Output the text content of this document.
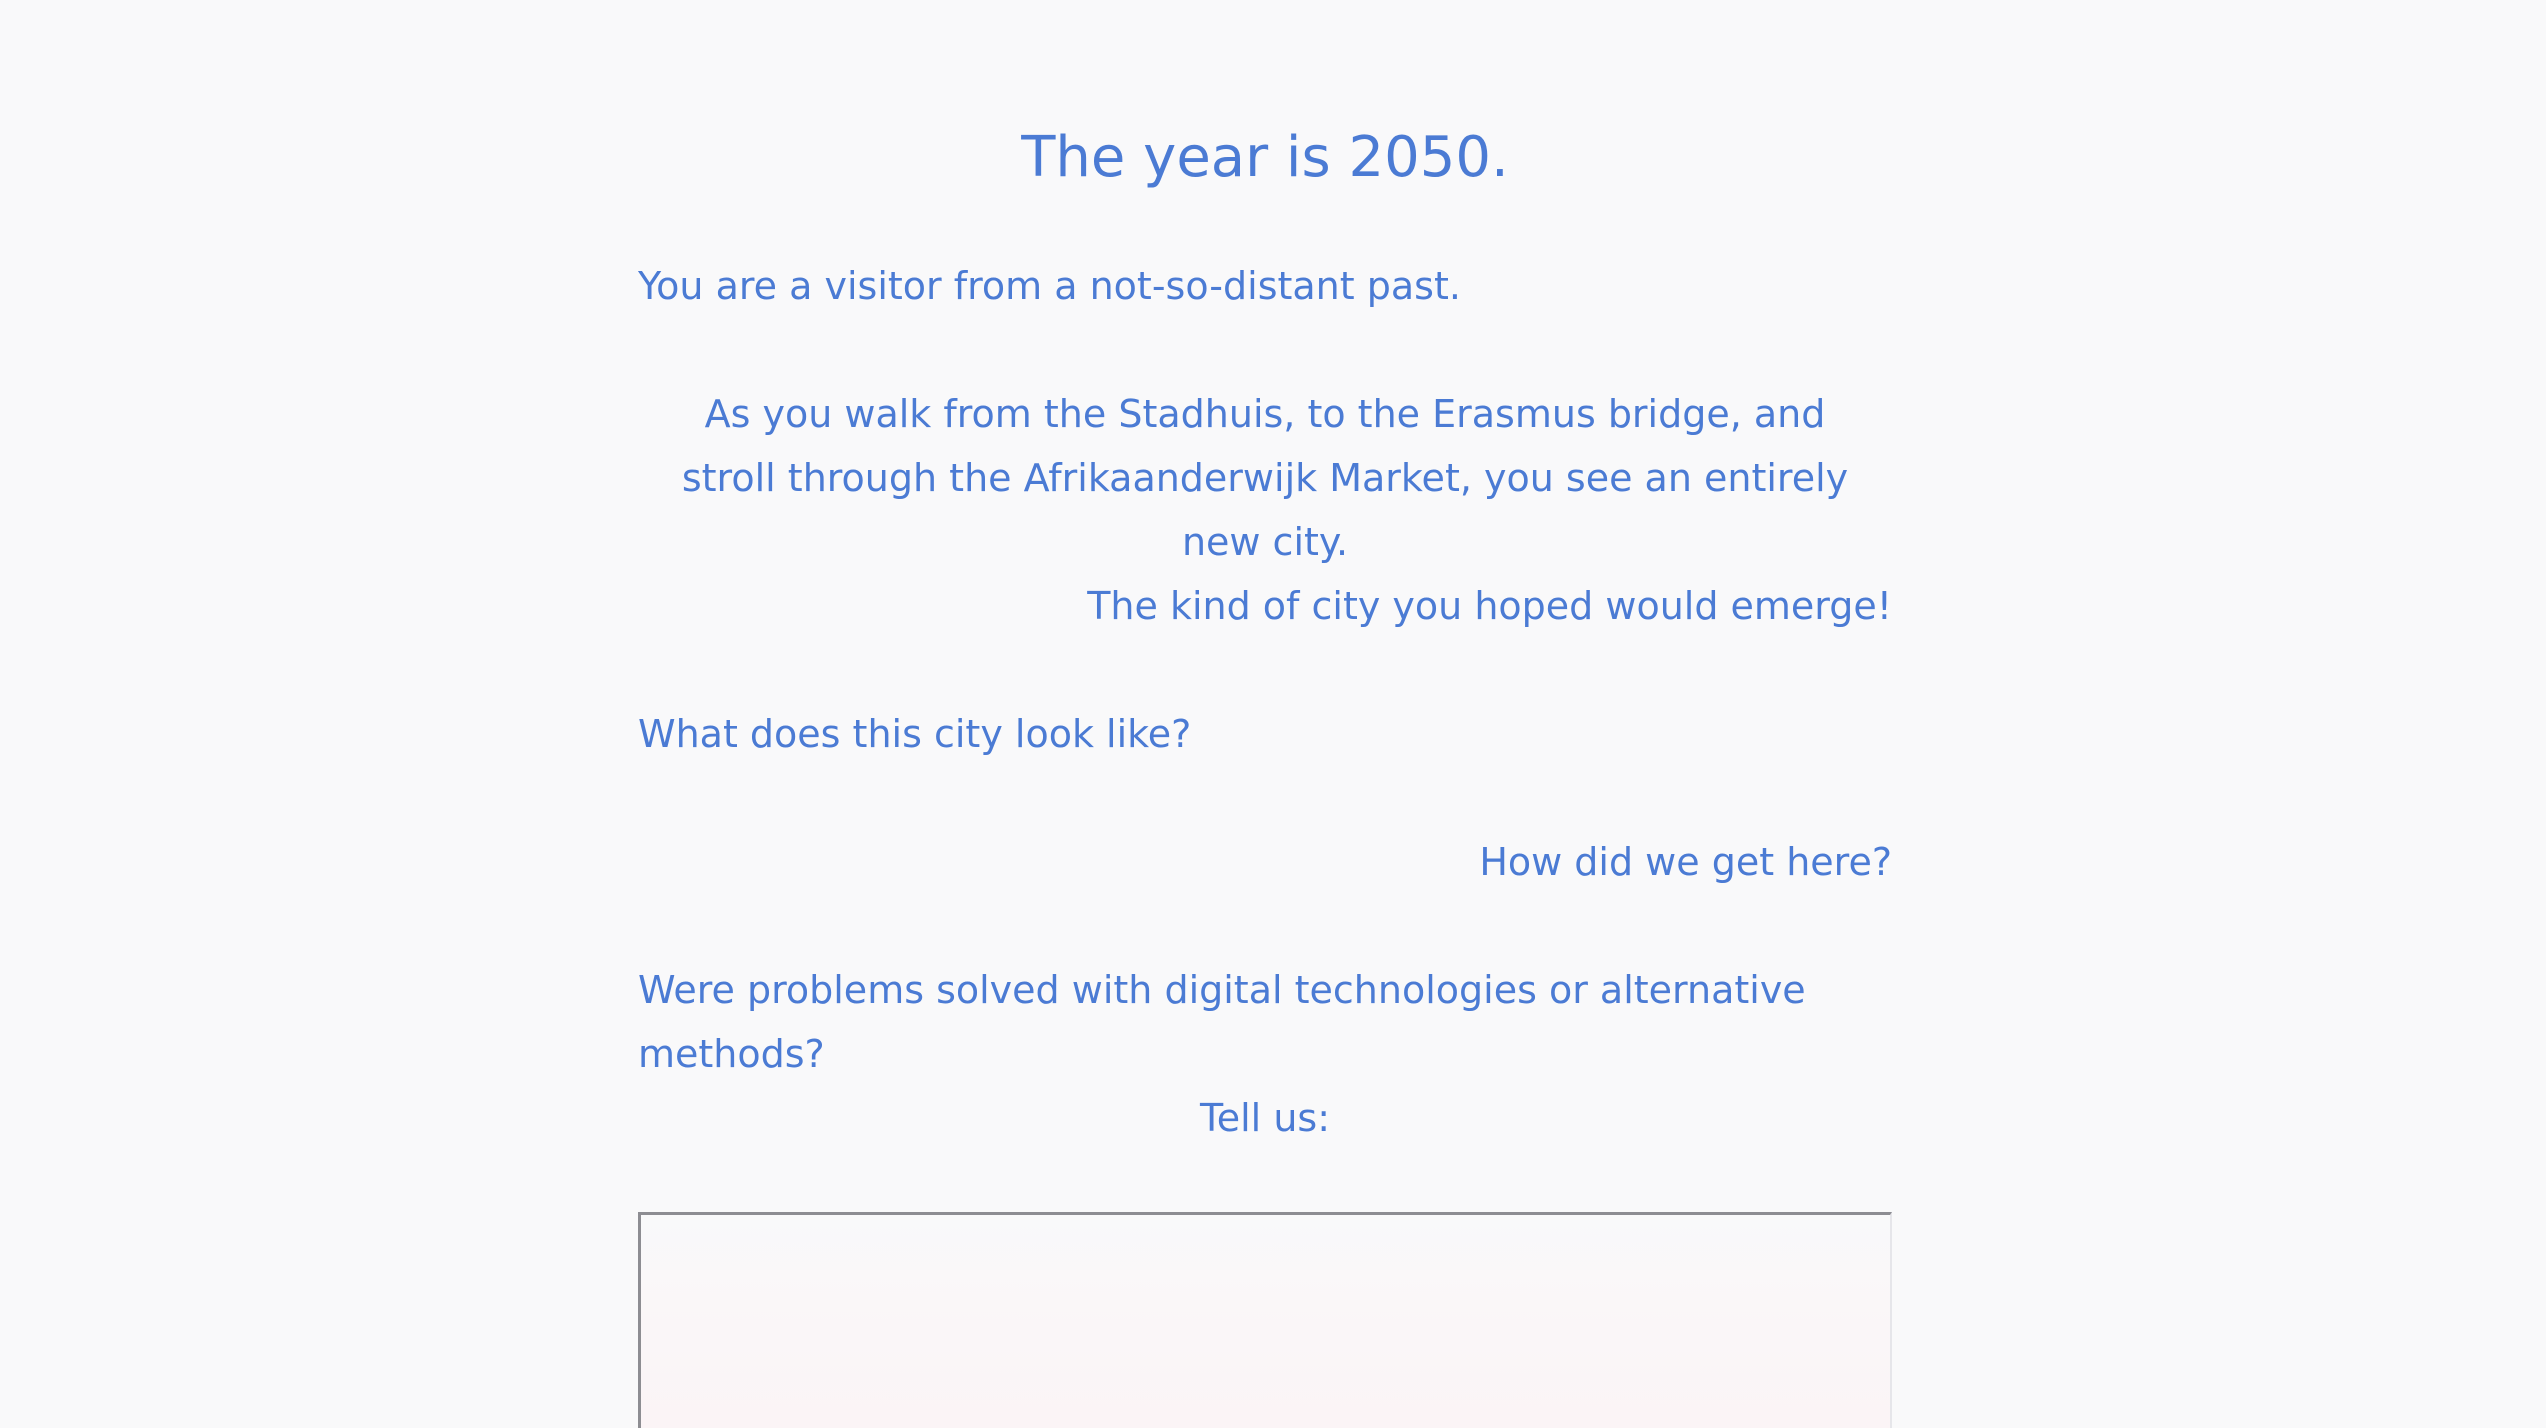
The year is 2050.

You are a visitor from a not-so-distant past.

As you walk from the Stadhuis, to the Erasmus bridge, and stroll through the Afrikaanderwijk Market, you see an entirely new city.

The kind of city you hoped would emerge!

What does this city look like?

How did we get here?

Were problems solved with digital technologies or alternative methods?

Tell us:
